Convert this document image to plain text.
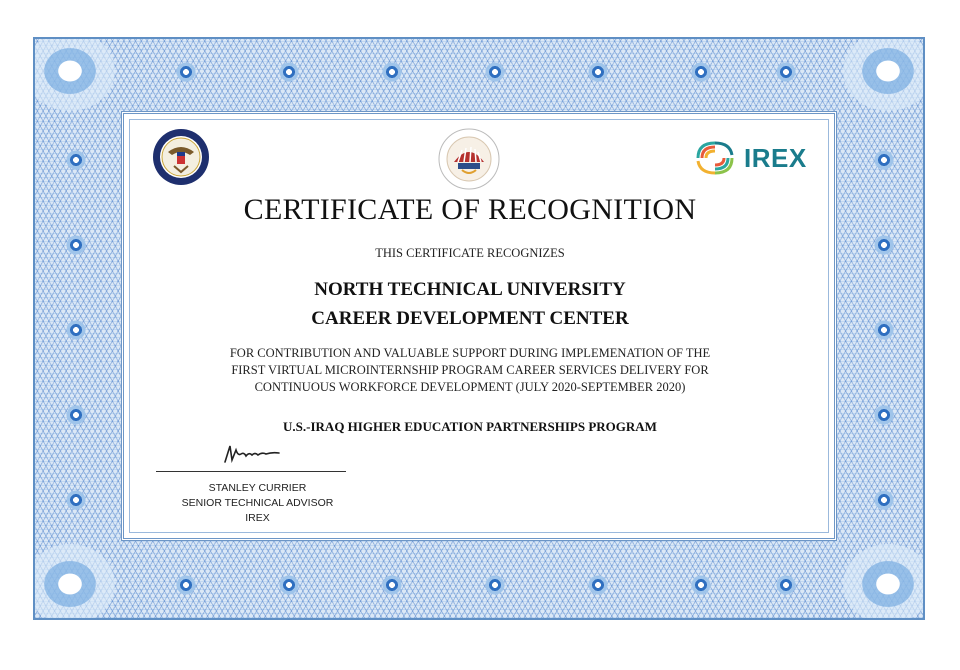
IREX
CERTIFICATE OF RECOGNITION
THIS CERTIFICATE RECOGNIZES
NORTH TECHNICAL UNIVERSITY
CAREER DEVELOPMENT CENTER
FOR CONTRIBUTION AND VALUABLE SUPPORT DURING IMPLEMENATION OF THE
FIRST VIRTUAL MICROINTERNSHIP PROGRAM CAREER SERVICES DELIVERY FOR
CONTINUOUS WORKFORCE DEVELOPMENT (JULY 2020-SEPTEMBER 2020)
U.S.-IRAQ HIGHER EDUCATION PARTNERSHIPS PROGRAM
STANLEY CURRIER
SENIOR TECHNICAL ADVISOR
IREX
